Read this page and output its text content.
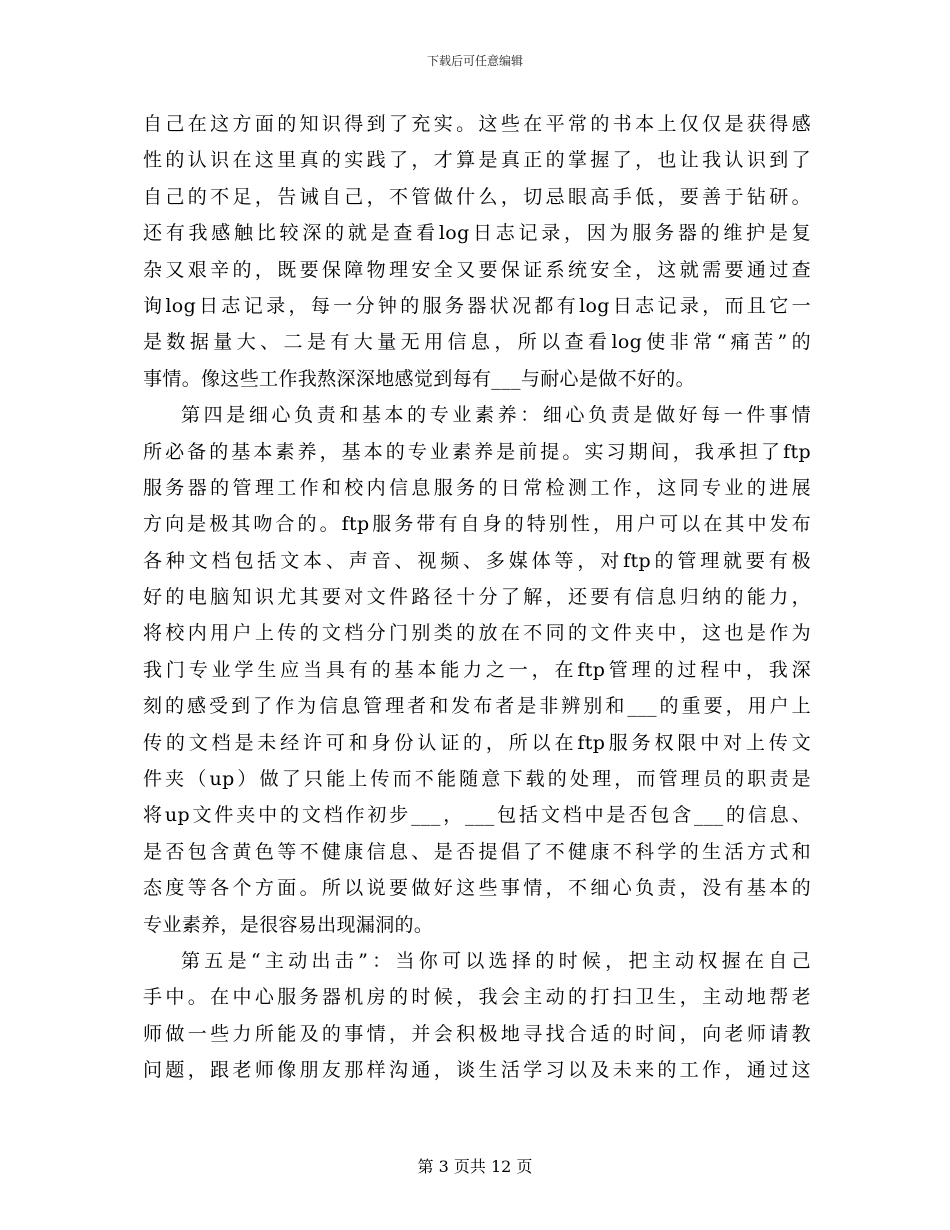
下载后可任意编辑
自己在这方面的知识得到了充实。这些在平常的书本上仅仅是获得感
性的认识在这里真的实践了，才算是真正的掌握了，也让我认识到了
自己的不足，告诫自己，不管做什么，切忌眼高手低，要善于钻研。
还有我感触比较深的就是查看log日志记录，因为服务器的维护是复
杂又艰辛的，既要保障物理安全又要保证系统安全，这就需要通过查
询log日志记录，每一分钟的服务器状况都有log日志记录，而且它一
是数据量大、二是有大量无用信息，所以查看log使非常“痛苦”的
事情。像这些工作我熬深深地感觉到每有___与耐心是做不好的。
第四是细心负责和基本的专业素养：细心负责是做好每一件事情
所必备的基本素养，基本的专业素养是前提。实习期间，我承担了ftp
服务器的管理工作和校内信息服务的日常检测工作，这同专业的进展
方向是极其吻合的。ftp服务带有自身的特别性，用户可以在其中发布
各种文档包括文本、声音、视频、多媒体等，对ftp的管理就要有极
好的电脑知识尤其要对文件路径十分了解，还要有信息归纳的能力，
将校内用户上传的文档分门别类的放在不同的文件夹中，这也是作为
我门专业学生应当具有的基本能力之一，在ftp管理的过程中，我深
刻的感受到了作为信息管理者和发布者是非辨别和___的重要，用户上
传的文档是未经许可和身份认证的，所以在ftp服务权限中对上传文
件夹（up）做了只能上传而不能随意下载的处理，而管理员的职责是
将up文件夹中的文档作初步___，___包括文档中是否包含___的信息、
是否包含黄色等不健康信息、是否提倡了不健康不科学的生活方式和
态度等各个方面。所以说要做好这些事情，不细心负责，没有基本的
专业素养，是很容易出现漏洞的。
第五是“主动出击”：当你可以选择的时候，把主动权握在自己
手中。在中心服务器机房的时候，我会主动的打扫卫生，主动地帮老
师做一些力所能及的事情，并会积极地寻找合适的时间，向老师请教
问题，跟老师像朋友那样沟通，谈生活学习以及未来的工作，通过这
第 3 页共 12 页
